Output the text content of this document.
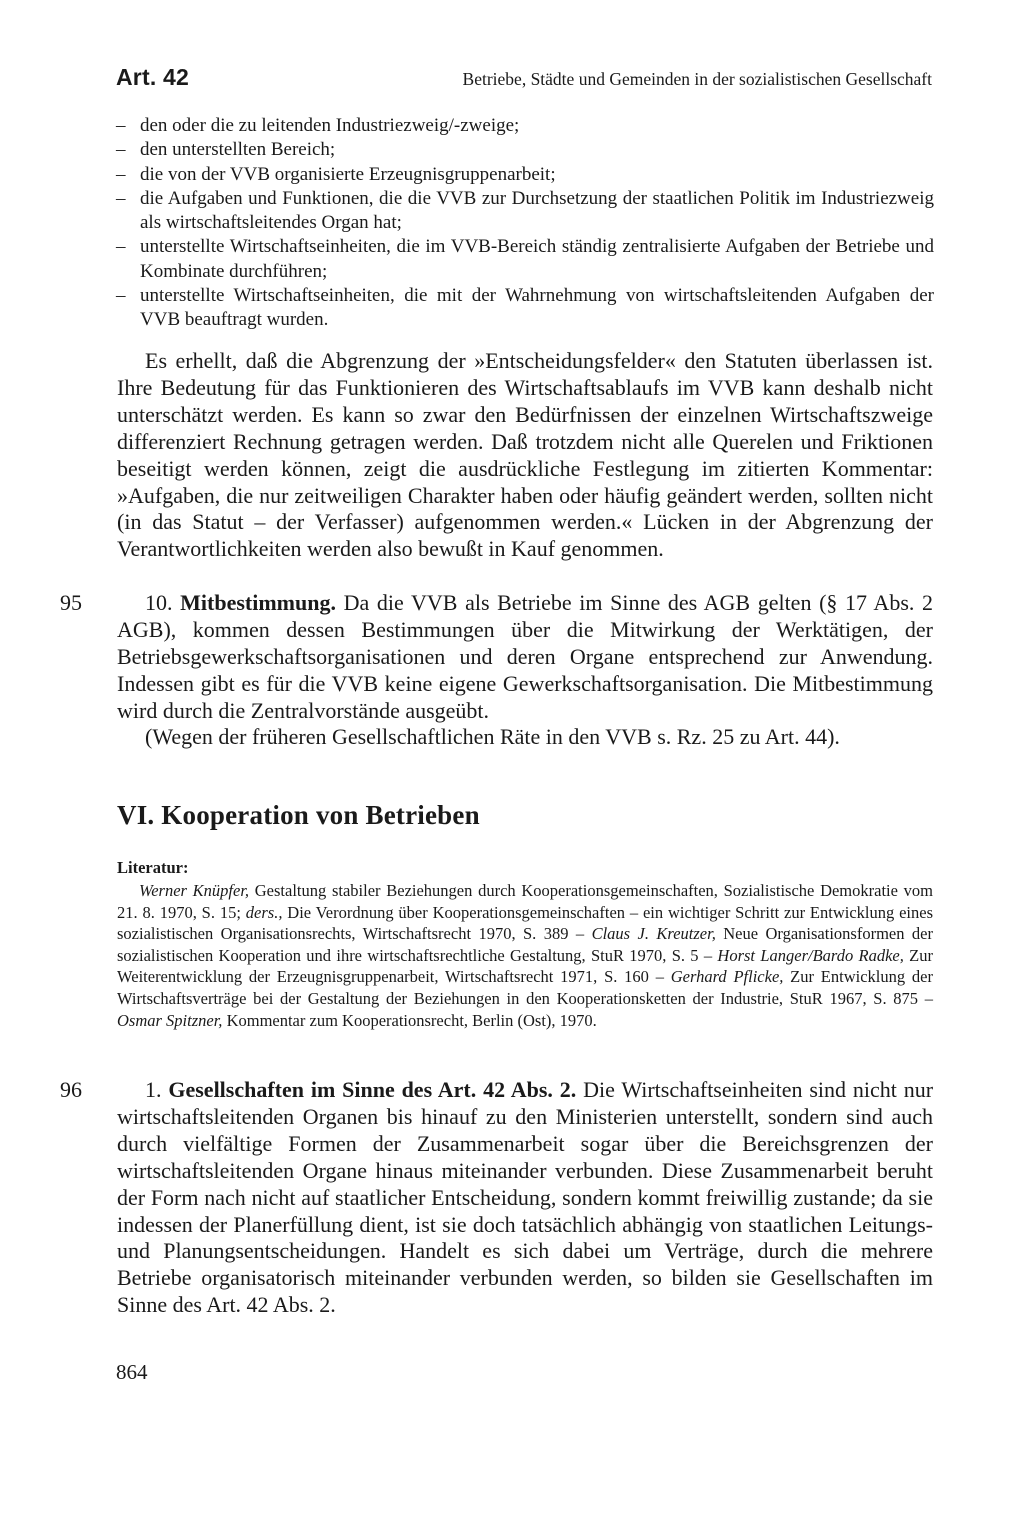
Art. 42	Betriebe, Städte und Gemeinden in der sozialistischen Gesellschaft
– den oder die zu leitenden Industriezweig/-zweige;
– den unterstellten Bereich;
– die von der VVB organisierte Erzeugnisgruppenarbeit;
– die Aufgaben und Funktionen, die die VVB zur Durchsetzung der staatlichen Politik im Industriezweig als wirtschaftsleitendes Organ hat;
– unterstellte Wirtschaftseinheiten, die im VVB-Bereich ständig zentralisierte Aufgaben der Betriebe und Kombinate durchführen;
– unterstellte Wirtschaftseinheiten, die mit der Wahrnehmung von wirtschaftsleitenden Aufgaben der VVB beauftragt wurden.

Es erhellt, daß die Abgrenzung der »Entscheidungsfelder« den Statuten überlassen ist. Ihre Bedeutung für das Funktionieren des Wirtschaftsablaufs im VVB kann deshalb nicht unterschätzt werden. Es kann so zwar den Bedürfnissen der einzelnen Wirtschaftszweige differenziert Rechnung getragen werden. Daß trotzdem nicht alle Querelen und Friktionen beseitigt werden können, zeigt die ausdrückliche Festlegung im zitierten Kommentar: »Aufgaben, die nur zeitweiligen Charakter haben oder häufig geändert werden, sollten nicht (in das Statut – der Verfasser) aufgenommen werden.« Lücken in der Abgrenzung der Verantwortlichkeiten werden also bewußt in Kauf genommen.

95	10. Mitbestimmung. Da die VVB als Betriebe im Sinne des AGB gelten (§ 17 Abs. 2 AGB), kommen dessen Bestimmungen über die Mitwirkung der Werktätigen, der Betriebsgewerkschaftsorganisationen und deren Organe entsprechend zur Anwendung. Indessen gibt es für die VVB keine eigene Gewerkschaftsorganisation. Die Mitbestimmung wird durch die Zentralvorstände ausgeübt.

(Wegen der früheren Gesellschaftlichen Räte in den VVB s. Rz. 25 zu Art. 44).

VI. Kooperation von Betrieben
Literatur:

Werner Knüpfer, Gestaltung stabiler Beziehungen durch Kooperationsgemeinschaften, Sozialistische Demokratie vom 21. 8. 1970, S. 15; ders., Die Verordnung über Kooperationsgemeinschaften – ein wichtiger Schritt zur Entwicklung eines sozialistischen Organisationsrechts, Wirtschaftsrecht 1970, S. 389 – Claus J. Kreutzer, Neue Organisationsformen der sozialistischen Kooperation und ihre wirtschaftsrechtliche Gestaltung, StuR 1970, S. 5 – Horst Langer/Bardo Radke, Zur Weiterentwicklung der Erzeugnisgruppenarbeit, Wirtschaftsrecht 1971, S. 160 – Gerhard Pflicke, Zur Entwicklung der Wirtschaftsverträge bei der Gestaltung der Beziehungen in den Kooperationsketten der Industrie, StuR 1967, S. 875 – Osmar Spitzner, Kommentar zum Kooperationsrecht, Berlin (Ost), 1970.

96	1. Gesellschaften im Sinne des Art. 42 Abs. 2. Die Wirtschaftseinheiten sind nicht nur wirtschaftsleitenden Organen bis hinauf zu den Ministerien unterstellt, sondern sind auch durch vielfältige Formen der Zusammenarbeit sogar über die Bereichsgrenzen der wirtschaftsleitenden Organe hinaus miteinander verbunden. Diese Zusammenarbeit beruht der Form nach nicht auf staatlicher Entscheidung, sondern kommt freiwillig zustande; da sie indessen der Planerfüllung dient, ist sie doch tatsächlich abhängig von staatlichen Leitungs- und Planungsentscheidungen. Handelt es sich dabei um Verträge, durch die mehrere Betriebe organisatorisch miteinander verbunden werden, so bilden sie Gesellschaften im Sinne des Art. 42 Abs. 2.

864
